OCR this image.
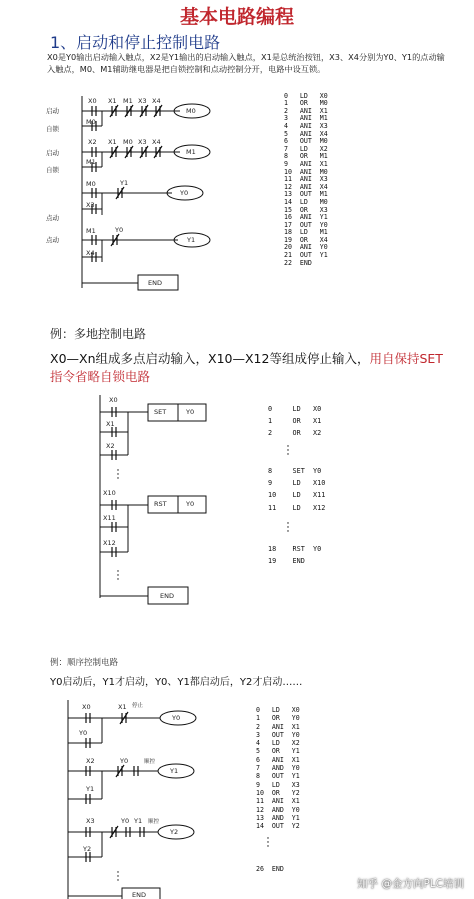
基本电路编程
1、启动和停止控制电路
X0是Y0输出启动输入触点，X2是Y1输出的启动输入触点，X1是总统治按钮，X3、X4分别为Y0、Y1的点动输入触点，M0、M1辅助继电器是把自锁控制和点动控制分开，电路中设互锁。
启动
自锁
启动
自锁
点动
点动
X0 X1 M1 X3 X4
M0
X2 X1 M0 X3 X4
M1
M0	Y1
X3
M1	Y0
X4
M0
M1
Y0
Y1
END

0   LD   X0
1   OR   M0
2   ANI  X1
3   ANI  M1
4   ANI  X3
5   ANI  X4
6   OUT  M0
7   LD   X2
8   OR   M1
9   ANI  X1
10  ANI  M0
11  ANI  X3
12  ANI  X4
13  OUT  M1
14  LD   M0
15  OR   X3
16  ANI  Y1
17  OUT  Y0
18  LD   M1
19  OR   X4
20  ANI  Y0
21  OUT  Y1
22  END

例：多地控制电路
X0—Xn组成多点启动输入，X10—X12等组成停止输入，用自保持SET指令省略自锁电路
X0
X1
X2
X10
X11
X12
SET	Y0
RST	Y0
END
0     LD   X0
1     OR   X1
2     OR   X2
8     SET  Y0
9     LD   X10
10    LD   X11
11    LD   X12
18    RST  Y0
19    END
例：顺序控制电路
Y0启动后，Y1才启动，Y0、Y1都启动后，Y2才启动……
X0	X1 停止
Y0
X2	Y0	顺控
Y1
X3	Y0 Y1 顺控
Y2
Y0
Y1
Y2
END
0   LD   X0
1   OR   Y0
2   ANI  X1
3   OUT  Y0
4   LD   X2
5   OR   Y1
6   ANI  X1
7   AND  Y0
8   OUT  Y1
9   LD   X3
10  OR   Y2
11  ANI  X1
12  AND  Y0
13  AND  Y1
14  OUT  Y2
26  END
知乎 @金方向PLC培训
